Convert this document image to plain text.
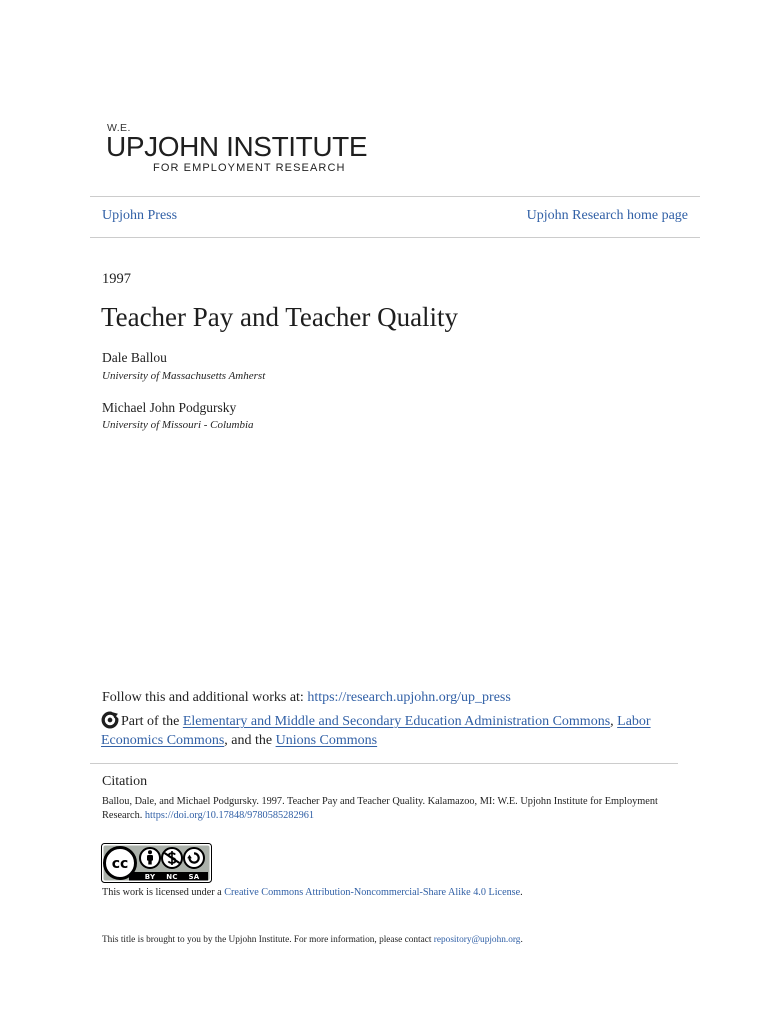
W.E.
UPJOHN INSTITUTE
FOR EMPLOYMENT RESEARCH
Upjohn Press	Upjohn Research home page
1997
Teacher Pay and Teacher Quality
Dale Ballou
University of Massachusetts Amherst
Michael John Podgursky
University of Missouri - Columbia
Follow this and additional works at: https://research.upjohn.org/up_press
Part of the Elementary and Middle and Secondary Education Administration Commons, Labor Economics Commons, and the Unions Commons
Citation
Ballou, Dale, and Michael Podgursky. 1997. Teacher Pay and Teacher Quality. Kalamazoo, MI: W.E. Upjohn Institute for Employment Research. https://doi.org/10.17848/9780585282961
cc
BY NC SA
This work is licensed under a Creative Commons Attribution-Noncommercial-Share Alike 4.0 License.
This title is brought to you by the Upjohn Institute. For more information, please contact repository@upjohn.org.
